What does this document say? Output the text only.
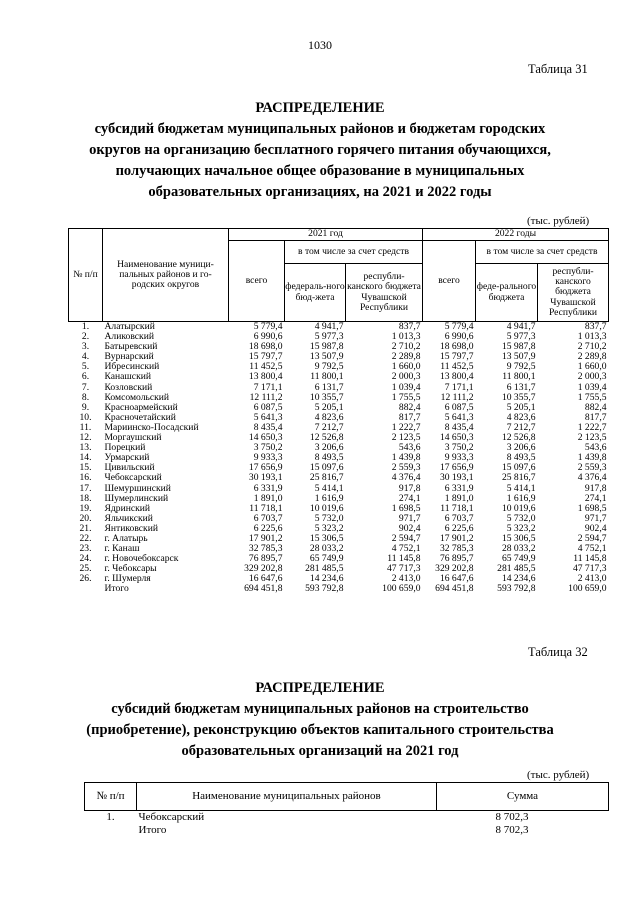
1030
Таблица 31
РАСПРЕДЕЛЕНИЕ
субсидий бюджетам муниципальных районов и бюджетам городских
округов на организацию бесплатного горячего питания обучающихся,
получающих начальное общее образование в муниципальных
образовательных организациях, на 2021 и 2022 годы
(тыс. рублей)
№ п/п	Наименование муници-пальных районов и го-родских округов	2021 год			2022 годы		
		всего	в том числе за счет средств		всего	в том числе за счет средств	
			федераль-ного бюд-жета	республи-канского бюджета Чувашской Республики		феде-рального бюджета	республи-канского бюджета Чувашской Республики
1.	Алатырский	5 779,4	4 941,7	837,7	5 779,4	4 941,7	837,7
2.	Аликовский	6 990,6	5 977,3	1 013,3	6 990,6	5 977,3	1 013,3
3.	Батыревский	18 698,0	15 987,8	2 710,2	18 698,0	15 987,8	2 710,2
4.	Вурнарский	15 797,7	13 507,9	2 289,8	15 797,7	13 507,9	2 289,8
5.	Ибресинский	11 452,5	9 792,5	1 660,0	11 452,5	9 792,5	1 660,0
6.	Канашский	13 800,4	11 800,1	2 000,3	13 800,4	11 800,1	2 000,3
7.	Козловский	7 171,1	6 131,7	1 039,4	7 171,1	6 131,7	1 039,4
8.	Комсомольский	12 111,2	10 355,7	1 755,5	12 111,2	10 355,7	1 755,5
9.	Красноармейский	6 087,5	5 205,1	882,4	6 087,5	5 205,1	882,4
10.	Красночетайский	5 641,3	4 823,6	817,7	5 641,3	4 823,6	817,7
11.	Мариинско-Посадский	8 435,4	7 212,7	1 222,7	8 435,4	7 212,7	1 222,7
12.	Моргаушский	14 650,3	12 526,8	2 123,5	14 650,3	12 526,8	2 123,5
13.	Порецкий	3 750,2	3 206,6	543,6	3 750,2	3 206,6	543,6
14.	Урмарский	9 933,3	8 493,5	1 439,8	9 933,3	8 493,5	1 439,8
15.	Цивильский	17 656,9	15 097,6	2 559,3	17 656,9	15 097,6	2 559,3
16.	Чебоксарский	30 193,1	25 816,7	4 376,4	30 193,1	25 816,7	4 376,4
17.	Шемуршинский	6 331,9	5 414,1	917,8	6 331,9	5 414,1	917,8
18.	Шумерлинский	1 891,0	1 616,9	274,1	1 891,0	1 616,9	274,1
19.	Ядринский	11 718,1	10 019,6	1 698,5	11 718,1	10 019,6	1 698,5
20.	Яльчикский	6 703,7	5 732,0	971,7	6 703,7	5 732,0	971,7
21.	Янтиковский	6 225,6	5 323,2	902,4	6 225,6	5 323,2	902,4
22.	г. Алатырь	17 901,2	15 306,5	2 594,7	17 901,2	15 306,5	2 594,7
23.	г. Канаш	32 785,3	28 033,2	4 752,1	32 785,3	28 033,2	4 752,1
24.	г. Новочебоксарск	76 895,7	65 749,9	11 145,8	76 895,7	65 749,9	11 145,8
25.	г. Чебоксары	329 202,8	281 485,5	47 717,3	329 202,8	281 485,5	47 717,3
26.	г. Шумерля	16 647,6	14 234,6	2 413,0	16 647,6	14 234,6	2 413,0
	Итого	694 451,8	593 792,8	100 659,0	694 451,8	593 792,8	100 659,0
Таблица 32
РАСПРЕДЕЛЕНИЕ
субсидий бюджетам муниципальных районов на строительство
(приобретение), реконструкцию объектов капитального строительства
образовательных организаций на 2021 год
(тыс. рублей)
№ п/п	Наименование муниципальных районов	Сумма
1.	Чебоксарский	8 702,3
	Итого	8 702,3
